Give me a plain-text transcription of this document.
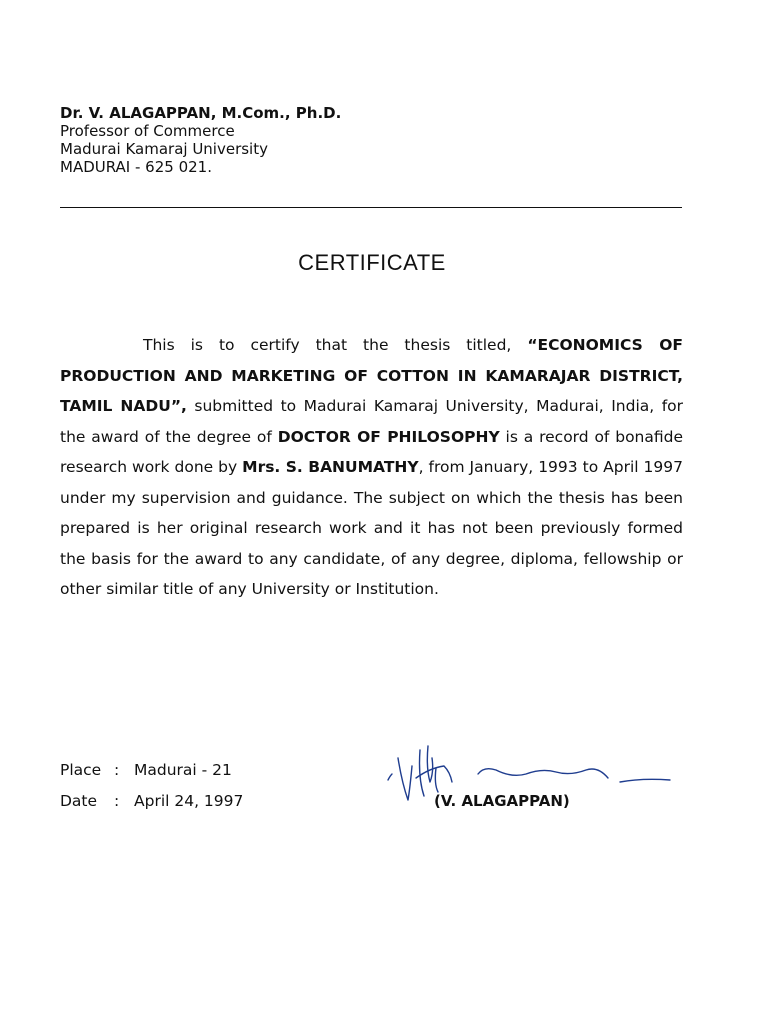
Dr. V. ALAGAPPAN, M.Com., Ph.D.
Professor of Commerce
Madurai Kamaraj University
MADURAI - 625 021.
CERTIFICATE
This is to certify that the thesis titled, “ECONOMICS OF PRODUCTION AND MARKETING OF COTTON IN KAMARAJAR DISTRICT, TAMIL NADU”, submitted to Madurai Kamaraj University, Madurai, India, for the award of the degree of DOCTOR OF PHILOSOPHY is a record of bonafide research work done by Mrs. S. BANUMATHY, from January, 1993 to April 1997 under my supervision and guidance. The subject on which the thesis has been prepared is her original research work and it has not been previously formed the basis for the award to any candidate, of any degree, diploma, fellowship or other similar title of any University or Institution.
Place : Madurai - 21
Date : April 24, 1997	(V. ALAGAPPAN)
